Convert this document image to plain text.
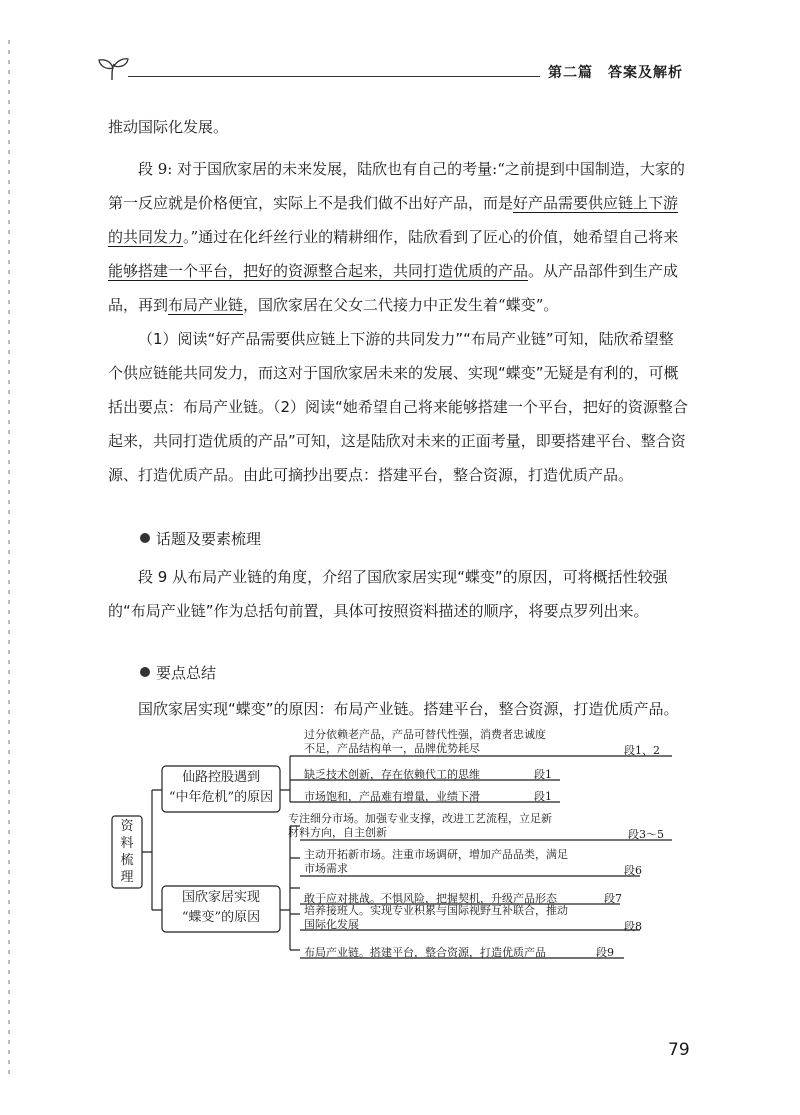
第二篇　答案及解析
推动国际化发展。
段 9: 对于国欣家居的未来发展，陆欣也有自己的考量:“之前提到中国制造，大家的第一反应就是价格便宜，实际上不是我们做不出好产品，而是好产品需要供应链上下游的共同发力。”通过在化纤丝行业的精耕细作，陆欣看到了匠心的价值，她希望自己将来能够搭建一个平台，把好的资源整合起来，共同打造优质的产品。从产品部件到生产成品，再到布局产业链，国欣家居在父女二代接力中正发生着“蝶变”。
（1）阅读“好产品需要供应链上下游的共同发力”“布局产业链”可知，陆欣希望整个供应链能共同发力，而这对于国欣家居未来的发展、实现“蝶变”无疑是有利的，可概括出要点：布局产业链。（2）阅读“她希望自己将来能够搭建一个平台，把好的资源整合起来，共同打造优质的产品”可知，这是陆欣对未来的正面考量，即要搭建平台、整合资源、打造优质产品。由此可摘抄出要点：搭建平台，整合资源，打造优质产品。
话题及要素梳理
段 9 从布局产业链的角度，介绍了国欣家居实现“蝶变”的原因，可将概括性较强的“布局产业链”作为总括句前置，具体可按照资料描述的顺序，将要点罗列出来。
要点总结
国欣家居实现“蝶变”的原因：布局产业链。搭建平台，整合资源，打造优质产品。
资
料
梳
理
仙路控股遇到
“中年危机”的原因
国欣家居实现
“蝶变”的原因
过分依赖老产品，产品可替代性强，消费者忠诚度
不足，产品结构单一，品牌优势耗尽	段1、2
缺乏技术创新，存在依赖代工的思维	段1
市场饱和，产品难有增量，业绩下滑	段1
专注细分市场。加强专业支撑，改进工艺流程，立足新
材料方向，自主创新	段3～5
主动开拓新市场。注重市场调研，增加产品品类，满足
市场需求	段6
敢于应对挑战。不惧风险，把握契机，升级产品形态	段7
培养接班人。实现专业积累与国际视野互补联合，推动
国际化发展	段8
布局产业链。搭建平台，整合资源，打造优质产品	段9
79
